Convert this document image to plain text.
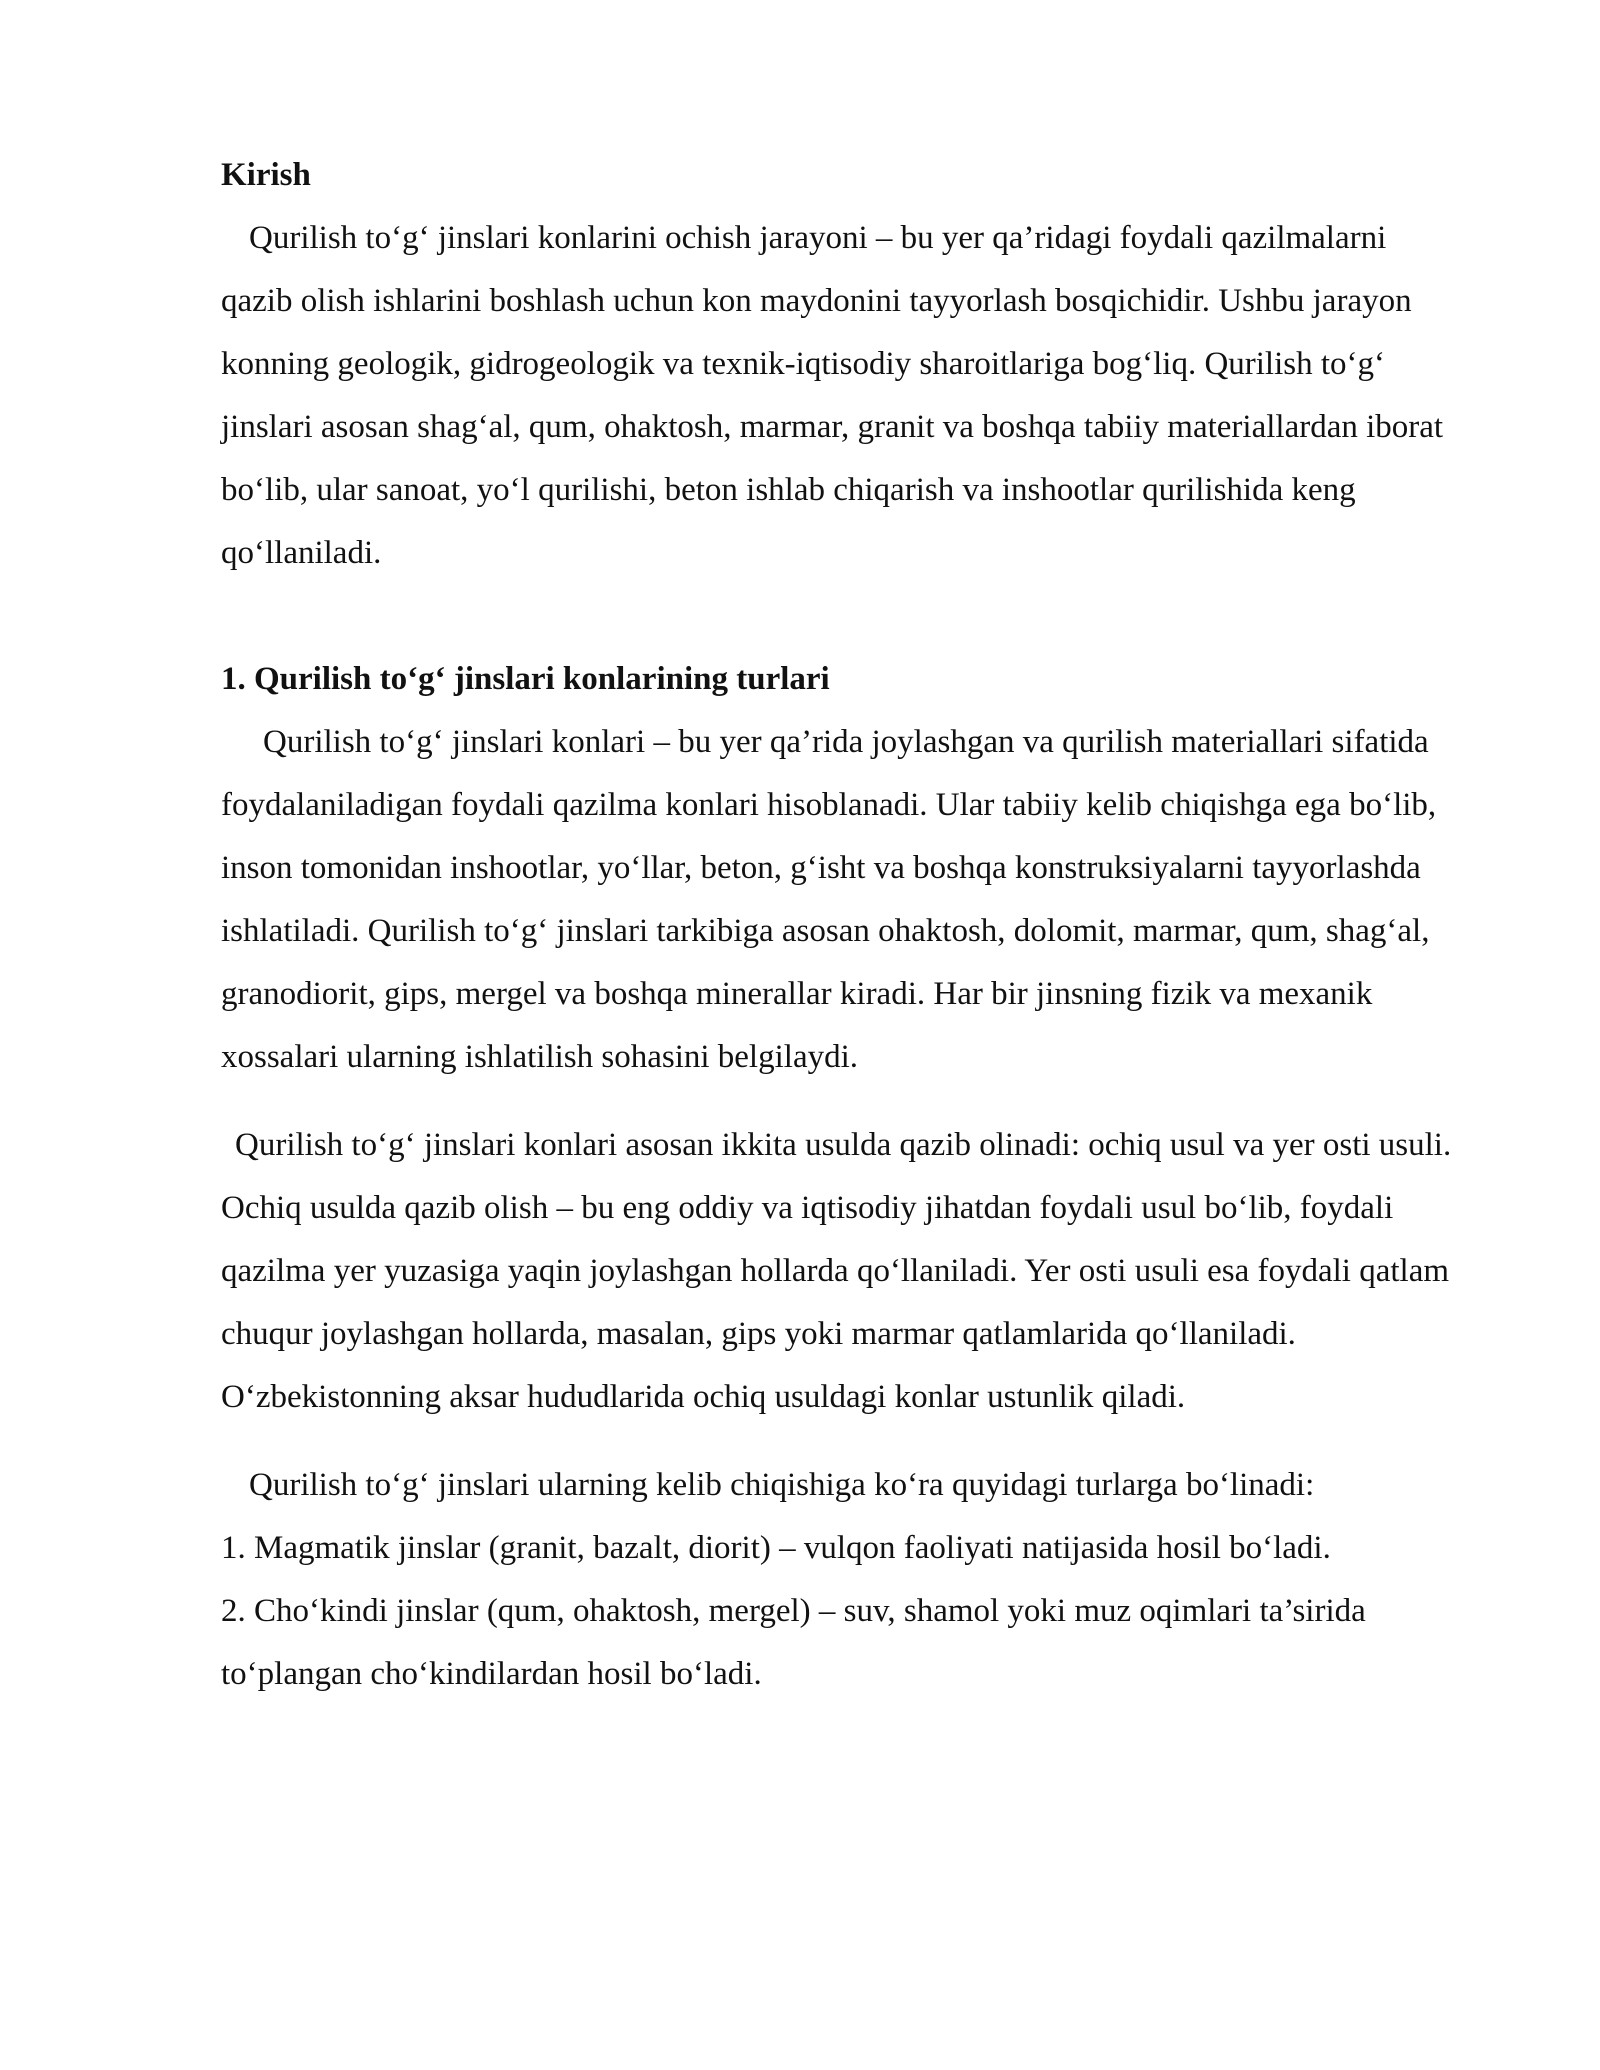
Kirish

Qurilish to‘g‘ jinslari konlarini ochish jarayoni – bu yer qa’ridagi foydali qazilmalarni qazib olish ishlarini boshlash uchun kon maydonini tayyorlash bosqichidir. Ushbu jarayon konning geologik, gidrogeologik va texnik-iqtisodiy sharoitlariga bog‘liq. Qurilish to‘g‘ jinslari asosan shag‘al, qum, ohaktosh, marmar, granit va boshqa tabiiy materiallardan iborat bo‘lib, ular sanoat, yo‘l qurilishi, beton ishlab chiqarish va inshootlar qurilishida keng qo‘llaniladi.

1. Qurilish to‘g‘ jinslari konlarining turlari

Qurilish to‘g‘ jinslari konlari – bu yer qa’rida joylashgan va qurilish materiallari sifatida foydalaniladigan foydali qazilma konlari hisoblanadi. Ular tabiiy kelib chiqishga ega bo‘lib, inson tomonidan inshootlar, yo‘llar, beton, g‘isht va boshqa konstruksiyalarni tayyorlashda ishlatiladi. Qurilish to‘g‘ jinslari tarkibiga asosan ohaktosh, dolomit, marmar, qum, shag‘al, granodiorit, gips, mergel va boshqa minerallar kiradi. Har bir jinsning fizik va mexanik xossalari ularning ishlatilish sohasini belgilaydi.

Qurilish to‘g‘ jinslari konlari asosan ikkita usulda qazib olinadi: ochiq usul va yer osti usuli. Ochiq usulda qazib olish – bu eng oddiy va iqtisodiy jihatdan foydali usul bo‘lib, foydali qazilma yer yuzasiga yaqin joylashgan hollarda qo‘llaniladi. Yer osti usuli esa foydali qatlam chuqur joylashgan hollarda, masalan, gips yoki marmar qatlamlarida qo‘llaniladi. O‘zbekistonning aksar hududlarida ochiq usuldagi konlar ustunlik qiladi.

Qurilish to‘g‘ jinslari ularning kelib chiqishiga ko‘ra quyidagi turlarga bo‘linadi:

1. Magmatik jinslar (granit, bazalt, diorit) – vulqon faoliyati natijasida hosil bo‘ladi.

2. Cho‘kindi jinslar (qum, ohaktosh, mergel) – suv, shamol yoki muz oqimlari ta’sirida to‘plangan cho‘kindilardan hosil bo‘ladi.
